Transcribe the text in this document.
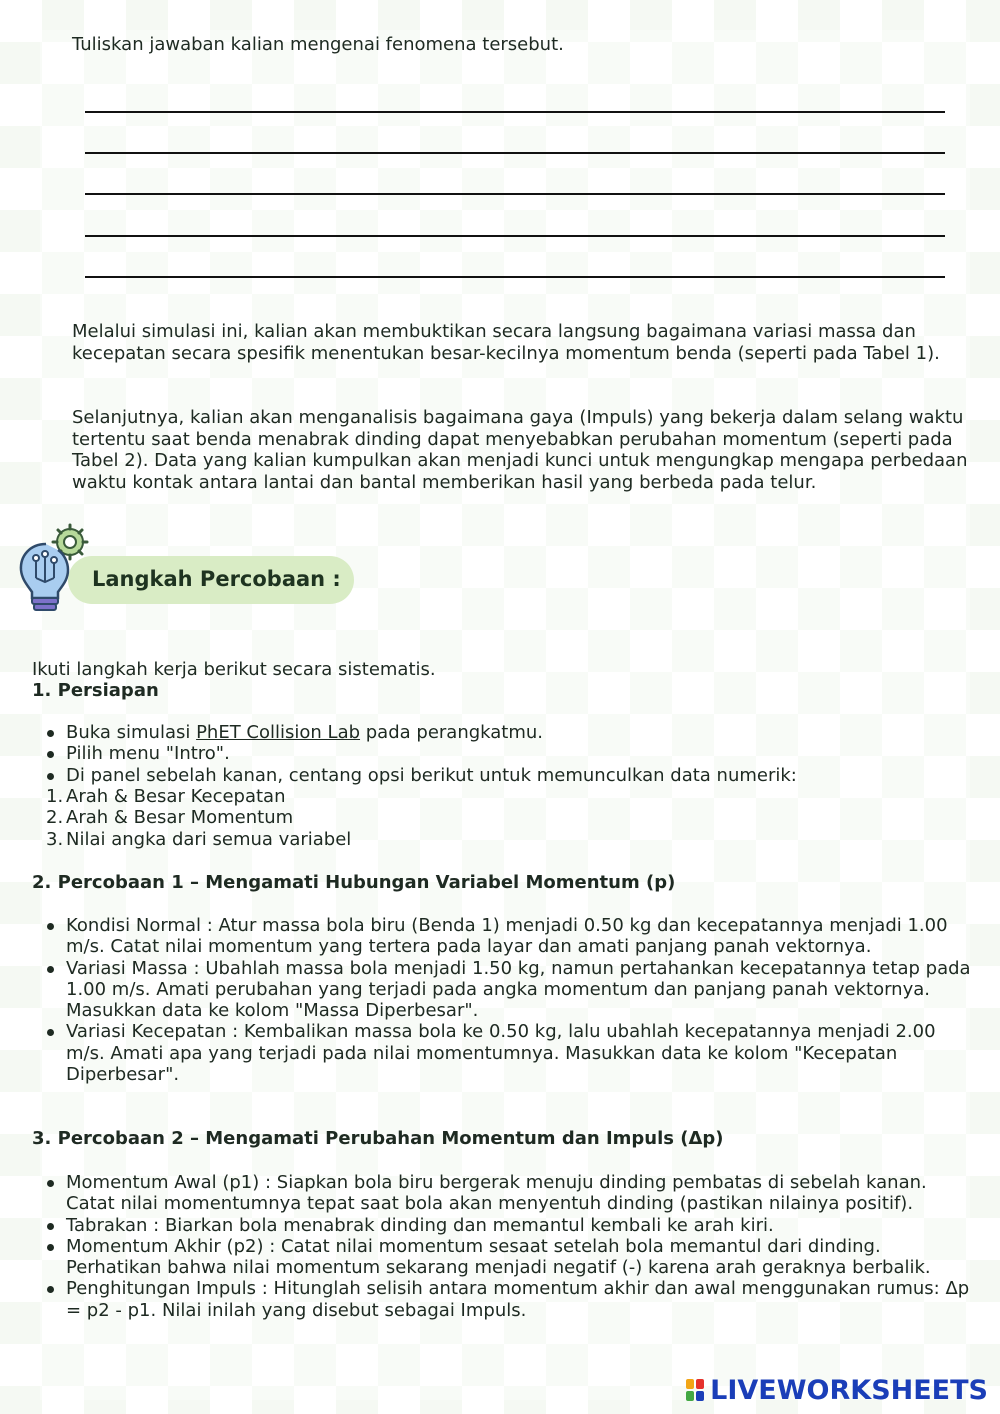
Tuliskan jawaban kalian mengenai fenomena tersebut.

Melalui simulasi ini, kalian akan membuktikan secara langsung bagaimana variasi massa dan kecepatan secara spesifik menentukan besar-kecilnya momentum benda (seperti pada Tabel 1).

Selanjutnya, kalian akan menganalisis bagaimana gaya (Impuls) yang bekerja dalam selang waktu tertentu saat benda menabrak dinding dapat menyebabkan perubahan momentum (seperti pada Tabel 2). Data yang kalian kumpulkan akan menjadi kunci untuk mengungkap mengapa perbedaan waktu kontak antara lantai dan bantal memberikan hasil yang berbeda pada telur.

Langkah Percobaan :
Ikuti langkah kerja berikut secara sistematis.
1. Persiapan
Buka simulasi PhET Collision Lab pada perangkatmu.
Pilih menu "Intro".
Di panel sebelah kanan, centang opsi berikut untuk memunculkan data numerik:
1. Arah & Besar Kecepatan
2. Arah & Besar Momentum
3. Nilai angka dari semua variabel
2. Percobaan 1 – Mengamati Hubungan Variabel Momentum (p)
Kondisi Normal : Atur massa bola biru (Benda 1) menjadi 0.50 kg dan kecepatannya menjadi 1.00 m/s. Catat nilai momentum yang tertera pada layar dan amati panjang panah vektornya.
Variasi Massa : Ubahlah massa bola menjadi 1.50 kg, namun pertahankan kecepatannya tetap pada 1.00 m/s. Amati perubahan yang terjadi pada angka momentum dan panjang panah vektornya. Masukkan data ke kolom "Massa Diperbesar".
Variasi Kecepatan : Kembalikan massa bola ke 0.50 kg, lalu ubahlah kecepatannya menjadi 2.00 m/s. Amati apa yang terjadi pada nilai momentumnya. Masukkan data ke kolom "Kecepatan Diperbesar".
3. Percobaan 2 – Mengamati Perubahan Momentum dan Impuls (Δp)
Momentum Awal (p1) : Siapkan bola biru bergerak menuju dinding pembatas di sebelah kanan. Catat nilai momentumnya tepat saat bola akan menyentuh dinding (pastikan nilainya positif).
Tabrakan : Biarkan bola menabrak dinding dan memantul kembali ke arah kiri.
Momentum Akhir (p2) : Catat nilai momentum sesaat setelah bola memantul dari dinding. Perhatikan bahwa nilai momentum sekarang menjadi negatif (-) karena arah geraknya berbalik.
Penghitungan Impuls : Hitunglah selisih antara momentum akhir dan awal menggunakan rumus: Δp = p2 - p1. Nilai inilah yang disebut sebagai Impuls.
LIVEWORKSHEETS
